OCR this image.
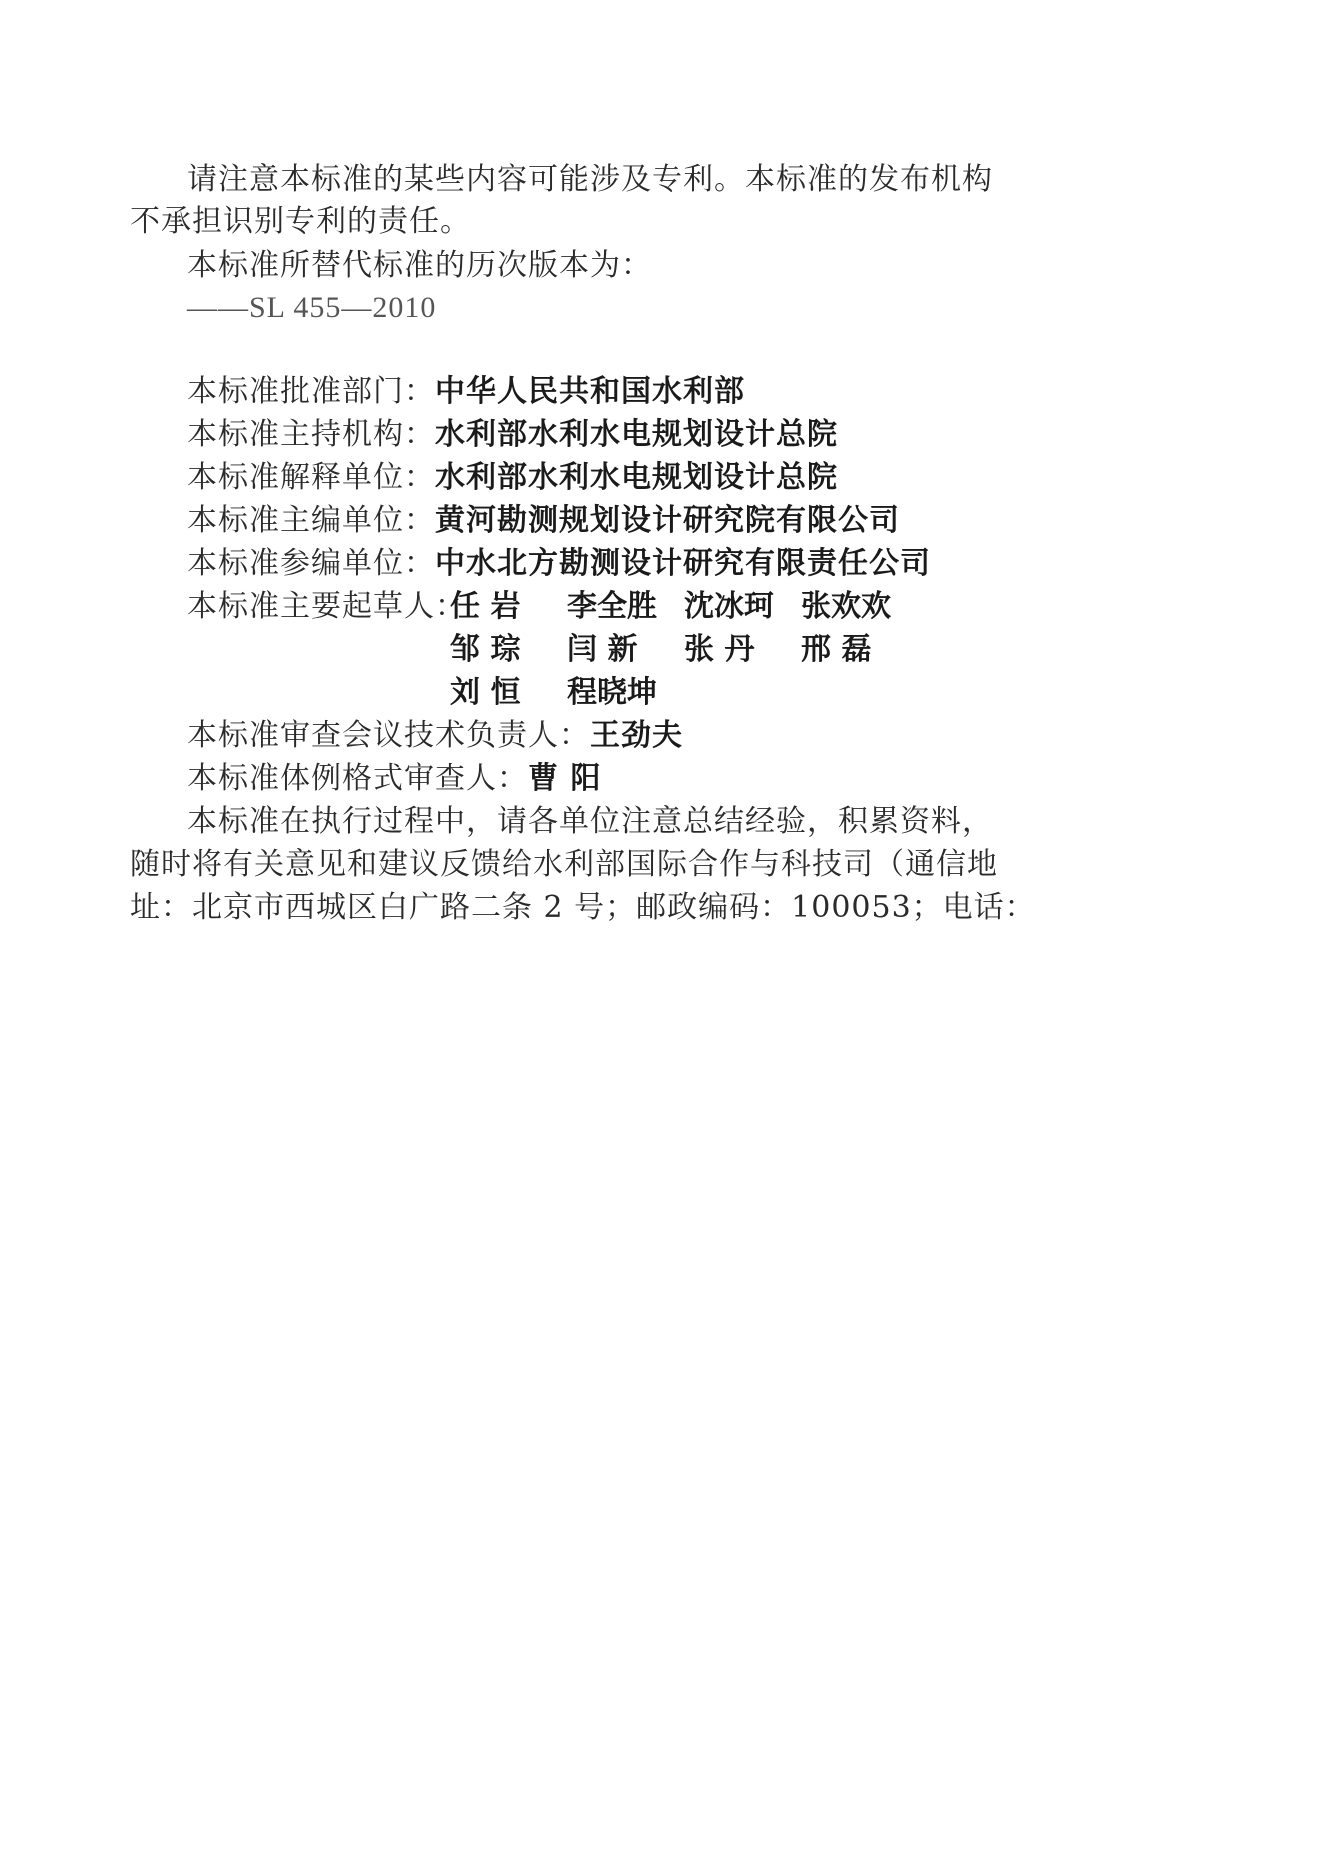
请注意本标准的某些内容可能涉及专利。本标准的发布机构
不承担识别专利的责任。
本标准所替代标准的历次版本为：
——SL 455—2010
本标准批准部门：中华人民共和国水利部
本标准主持机构：水利部水利水电规划设计总院
本标准解释单位：水利部水利水电规划设计总院
本标准主编单位：黄河勘测规划设计研究院有限公司
本标准参编单位：中水北方勘测设计研究有限责任公司
本标准主要起草人：
任 岩 李全胜 沈冰珂 张欢欢
邹 琮 闫 新 张 丹 邢 磊
刘 恒 程晓坤
本标准审查会议技术负责人：王劲夫
本标准体例格式审查人：曹 阳
本标准在执行过程中，请各单位注意总结经验，积累资料，
随时将有关意见和建议反馈给水利部国际合作与科技司（通信地
址：北京市西城区白广路二条 2 号；邮政编码：100053；电话：
